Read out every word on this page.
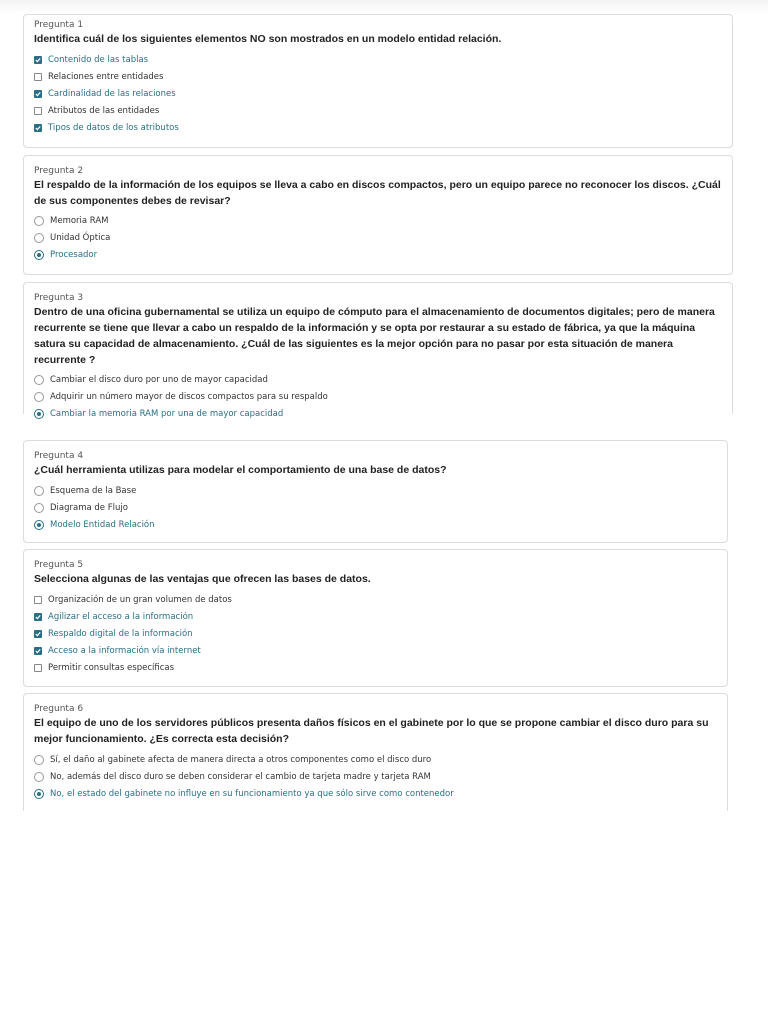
Pregunta 1
Identifica cuál de los siguientes elementos NO son mostrados en un modelo entidad relación.
Contenido de las tablas
Relaciones entre entidades
Cardinalidad de las relaciones
Atributos de las entidades
Tipos de datos de los atributos
Pregunta 2
El respaldo de la información de los equipos se lleva a cabo en discos compactos, pero un equipo parece no reconocer los discos. ¿Cuál de sus componentes debes de revisar?
Memoria RAM
Unidad Óptica
Procesador
Pregunta 3
Dentro de una oficina gubernamental se utiliza un equipo de cómputo para el almacenamiento de documentos digitales; pero de manera recurrente se tiene que llevar a cabo un respaldo de la información y se opta por restaurar a su estado de fábrica, ya que la máquina satura su capacidad de almacenamiento. ¿Cuál de las siguientes es la mejor opción para no pasar por esta situación de manera recurrente ?
Cambiar el disco duro por uno de mayor capacidad
Adquirir un número mayor de discos compactos para su respaldo
Cambiar la memoria RAM por una de mayor capacidad
Pregunta 4
¿Cuál herramienta utilizas para modelar el comportamiento de una base de datos?
Esquema de la Base
Diagrama de Flujo
Modelo Entidad Relación
Pregunta 5
Selecciona algunas de las ventajas que ofrecen las bases de datos.
Organización de un gran volumen de datos
Agilizar el acceso a la información
Respaldo digital de la información
Acceso a la información vía internet
Permitir consultas específicas
Pregunta 6
El equipo de uno de los servidores públicos presenta daños físicos en el gabinete por lo que se propone cambiar el disco duro para su mejor funcionamiento. ¿Es correcta esta decisión?
Sí, el daño al gabinete afecta de manera directa a otros componentes como el disco duro
No, además del disco duro se deben considerar el cambio de tarjeta madre y tarjeta RAM
No, el estado del gabinete no influye en su funcionamiento ya que sólo sirve como contenedor
